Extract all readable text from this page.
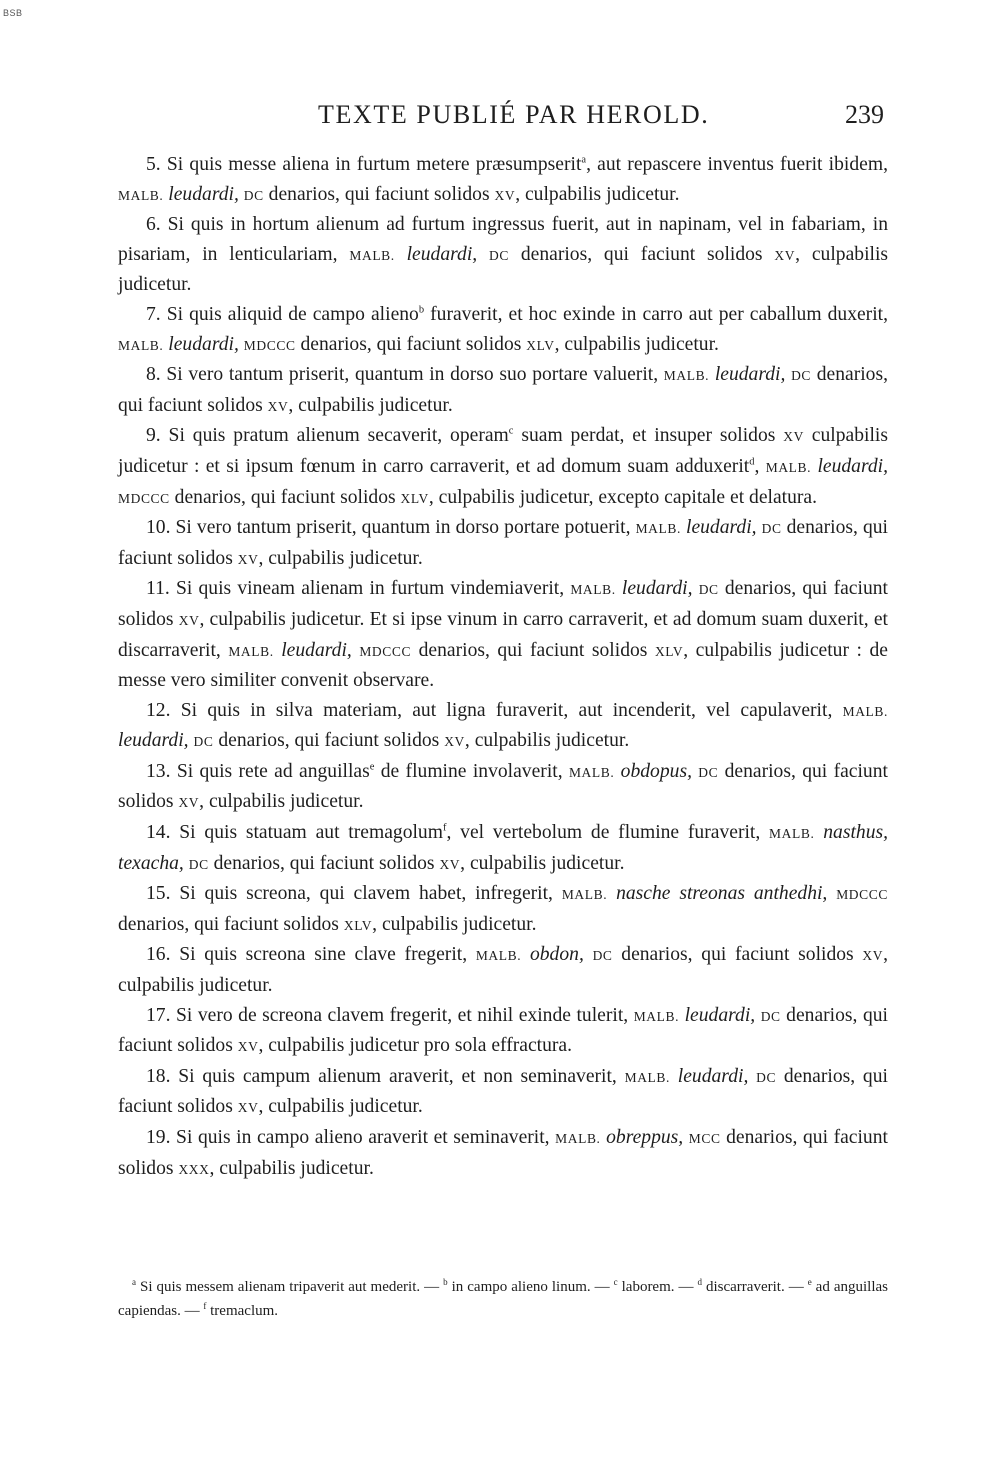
BSB
TEXTE PUBLIÉ PAR HEROLD.	239

5. Si quis messe aliena in furtum metere præsumpserit$^a$, aut repascere inventus fuerit ibidem, MALB. leudardi, DC denarios, qui faciunt solidos XV, culpabilis judicetur.

6. Si quis in hortum alienum ad furtum ingressus fuerit, aut in napinam, vel in fabariam, in pisariam, in lenticulariam, MALB. leudardi, DC denarios, qui faciunt solidos XV, culpabilis judicetur.

7. Si quis aliquid de campo alieno$^b$ furaverit, et hoc exinde in carro aut per caballum duxerit, MALB. leudardi, MDCCC denarios, qui faciunt solidos XLV, culpabilis judicetur.

8. Si vero tantum priserit, quantum in dorso suo portare valuerit, MALB. leudardi, DC denarios, qui faciunt solidos XV, culpabilis judicetur.

9. Si quis pratum alienum secaverit, operam$^c$ suam perdat, et insuper solidos XV culpabilis judicetur : et si ipsum fœnum in carro carraverit, et ad domum suam adduxerit$^d$, MALB. leudardi, MDCCC denarios, qui faciunt solidos XLV, culpabilis judicetur, excepto capitale et delatura.

10. Si vero tantum priserit, quantum in dorso portare potuerit, MALB. leudardi, DC denarios, qui faciunt solidos XV, culpabilis judicetur.

11. Si quis vineam alienam in furtum vindemiaverit, MALB. leudardi, DC denarios, qui faciunt solidos XV, culpabilis judicetur. Et si ipse vinum in carro carraverit, et ad domum suam duxerit, et discarraverit, MALB. leudardi, MDCCC denarios, qui faciunt solidos XLV, culpabilis judicetur : de messe vero similiter convenit observare.

12. Si quis in silva materiam, aut ligna furaverit, aut incenderit, vel capulaverit, MALB. leudardi, DC denarios, qui faciunt solidos XV, culpabilis judicetur.

13. Si quis rete ad anguillas$^e$ de flumine involaverit, MALB. obdopus, DC denarios, qui faciunt solidos XV, culpabilis judicetur.

14. Si quis statuam aut tremagolum$^f$, vel vertebolum de flumine furaverit, MALB. nasthus, texacha, DC denarios, qui faciunt solidos XV, culpabilis judicetur.

15. Si quis screona, qui clavem habet, infregerit, MALB. nasche streonas anthedhi, MDCCC denarios, qui faciunt solidos XLV, culpabilis judicetur.

16. Si quis screona sine clave fregerit, MALB. obdon, DC denarios, qui faciunt solidos XV, culpabilis judicetur.

17. Si vero de screona clavem fregerit, et nihil exinde tulerit, MALB. leudardi, DC denarios, qui faciunt solidos XV, culpabilis judicetur pro sola effractura.

18. Si quis campum alienum araverit, et non seminaverit, MALB. leudardi, DC denarios, qui faciunt solidos XV, culpabilis judicetur.

19. Si quis in campo alieno araverit et seminaverit, MALB. obreppus, MCC denarios, qui faciunt solidos XXX, culpabilis judicetur.

$^a$ Si quis messem alienam tripaverit aut mederit. — $^b$ in campo alieno linum. — $^c$ laborem. — $^d$ discarraverit. — $^e$ ad anguillas capiendas. — $^f$ tremaclum.
